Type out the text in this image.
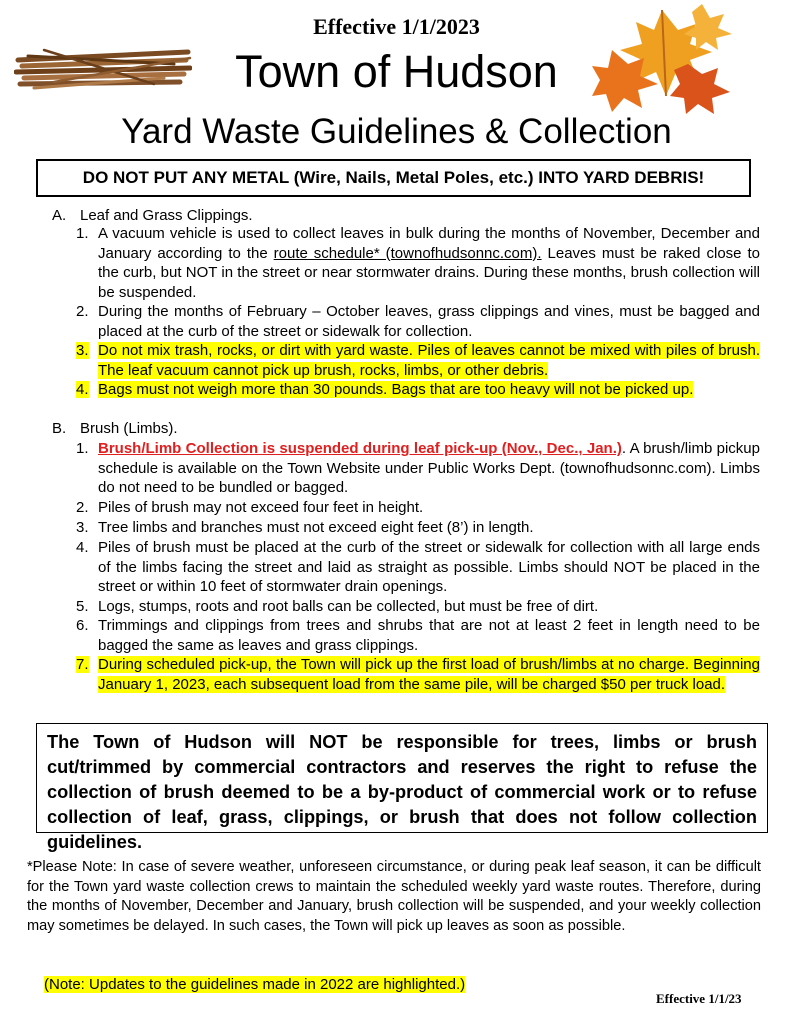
Effective 1/1/2023
Town of Hudson
Yard Waste Guidelines & Collection
DO NOT PUT ANY METAL (Wire, Nails, Metal Poles, etc.) INTO YARD DEBRIS!
A. Leaf and Grass Clippings.
1. A vacuum vehicle is used to collect leaves in bulk during the months of November, December and January according to the route schedule* (townofhudsonnc.com). Leaves must be raked close to the curb, but NOT in the street or near stormwater drains. During these months, brush collection will be suspended.
2. During the months of February – October leaves, grass clippings and vines, must be bagged and placed at the curb of the street or sidewalk for collection.
3. Do not mix trash, rocks, or dirt with yard waste. Piles of leaves cannot be mixed with piles of brush. The leaf vacuum cannot pick up brush, rocks, limbs, or other debris.
4. Bags must not weigh more than 30 pounds. Bags that are too heavy will not be picked up.
B. Brush (Limbs).
1. Brush/Limb Collection is suspended during leaf pick-up (Nov., Dec., Jan.). A brush/limb pickup schedule is available on the Town Website under Public Works Dept. (townofhudsonnc.com). Limbs do not need to be bundled or bagged.
2. Piles of brush may not exceed four feet in height.
3. Tree limbs and branches must not exceed eight feet (8’) in length.
4. Piles of brush must be placed at the curb of the street or sidewalk for collection with all large ends of the limbs facing the street and laid as straight as possible. Limbs should NOT be placed in the street or within 10 feet of stormwater drain openings.
5. Logs, stumps, roots and root balls can be collected, but must be free of dirt.
6. Trimmings and clippings from trees and shrubs that are not at least 2 feet in length need to be bagged the same as leaves and grass clippings.
7. During scheduled pick-up, the Town will pick up the first load of brush/limbs at no charge. Beginning January 1, 2023, each subsequent load from the same pile, will be charged $50 per truck load.
The Town of Hudson will NOT be responsible for trees, limbs or brush cut/trimmed by commercial contractors and reserves the right to refuse the collection of brush deemed to be a by-product of commercial work or to refuse collection of leaf, grass, clippings, or brush that does not follow collection guidelines.
*Please Note: In case of severe weather, unforeseen circumstance, or during peak leaf season, it can be difficult for the Town yard waste collection crews to maintain the scheduled weekly yard waste routes. Therefore, during the months of November, December and January, brush collection will be suspended, and your weekly collection may sometimes be delayed. In such cases, the Town will pick up leaves as soon as possible.
(Note: Updates to the guidelines made in 2022 are highlighted.)
Effective 1/1/23
